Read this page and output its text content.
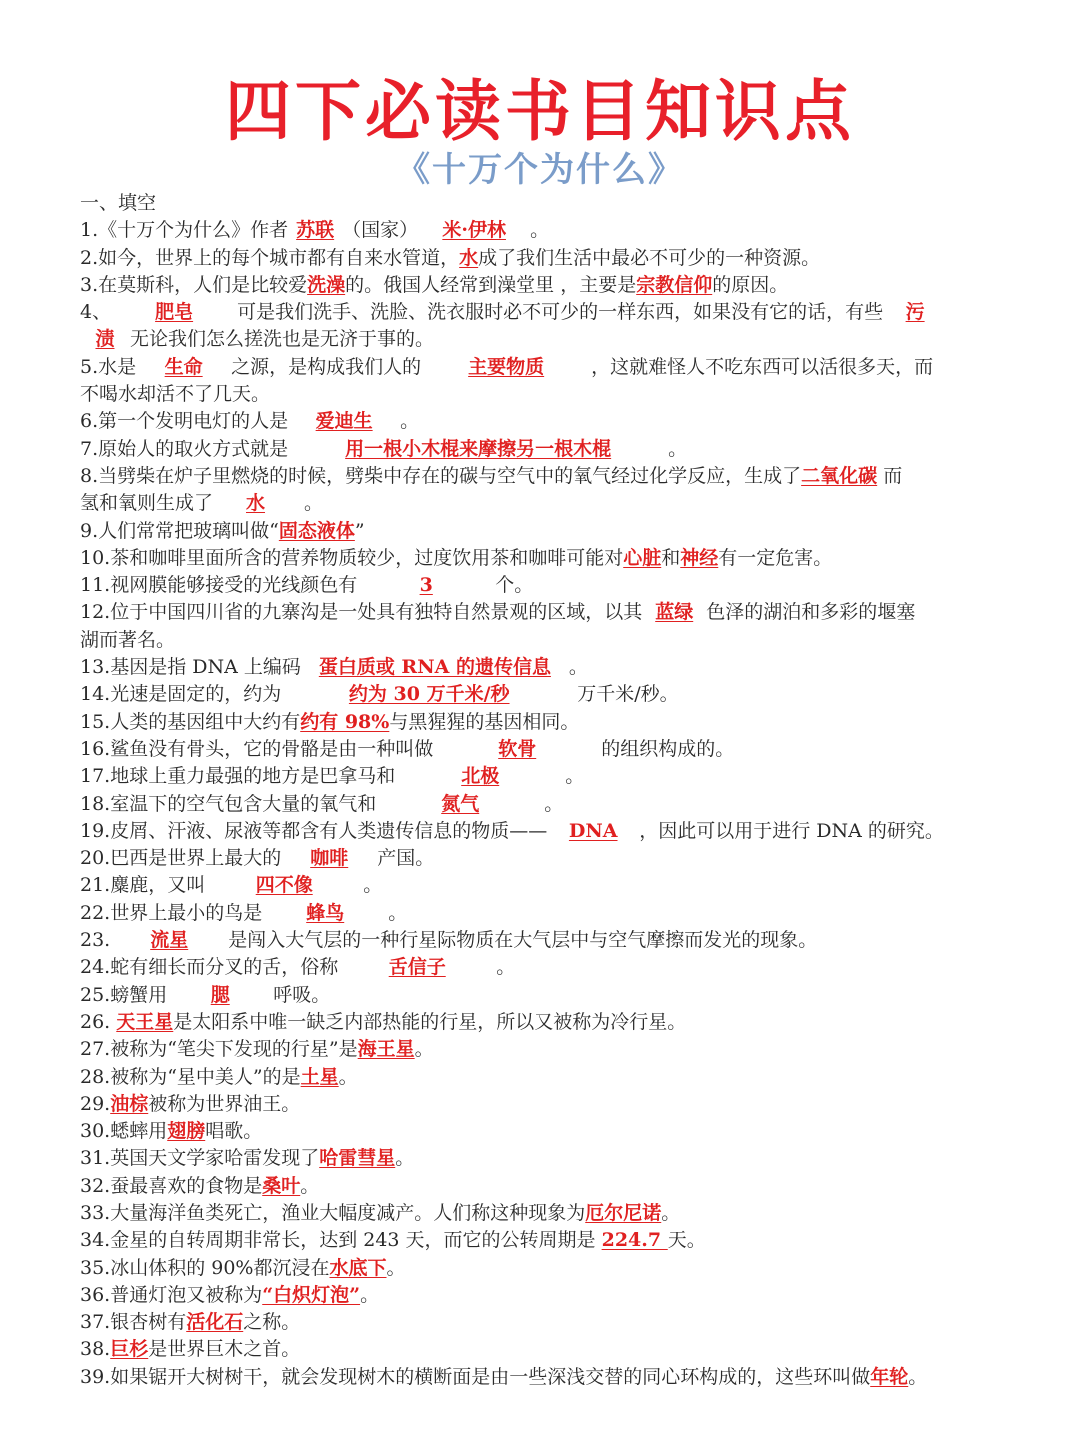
四下必读书目知识点
《十万个为什么》
一、填空
1.《十万个为什么》作者 苏联 （国家） 米·伊林 。
2.如今，世界上的每个城市都有自来水管道，水成了我们生活中最必不可少的一种资源。
3.在莫斯科，人们是比较爱洗澡的。俄国人经常到澡堂里 ，主要是宗教信仰的原因。
4、 肥皂 可是我们洗手、洗脸、洗衣服时必不可少的一样东西，如果没有它的话，有些 污
渍 无论我们怎么搓洗也是无济于事的。
5.水是 生命 之源，是构成我们人的 主要物质 ，这就难怪人不吃东西可以活很多天，而
不喝水却活不了几天。
6.第一个发明电灯的人是 爱迪生 。
7.原始人的取火方式就是	用一根小木棍来摩擦另一根木棍	。
8.当劈柴在炉子里燃烧的时候，劈柴中存在的碳与空气中的氧气经过化学反应，生成了二氧化碳 而
氢和氧则生成了 水 。
9.人们常常把玻璃叫做“固态液体”
10.茶和咖啡里面所含的营养物质较少，过度饮用茶和咖啡可能对心脏和神经有一定危害。
11.视网膜能够接受的光线颜色有	3	个。
12.位于中国四川省的九寨沟是一处具有独特自然景观的区域，以其 蓝绿 色泽的湖泊和多彩的堰塞
湖而著名。
13.基因是指 DNA 上编码 蛋白质或 RNA 的遗传信息 。
14.光速是固定的，约为	约为 30 万千米/秒	万千米/秒。
15.人类的基因组中大约有约有 98%与黑猩猩的基因相同。
16.鲨鱼没有骨头，它的骨骼是由一种叫做	软骨	的组织构成的。
17.地球上重力最强的地方是巴拿马和	北极	。
18.室温下的空气包含大量的氧气和	氮气	。
19.皮屑、汗液、尿液等都含有人类遗传信息的物质—— DNA ，因此可以用于进行 DNA 的研究。
20.巴西是世界上最大的 咖啡 产国。
21.麋鹿，又叫	四不像	。
22.世界上最小的鸟是 蜂鸟 。
23. 流星 是闯入大气层的一种行星际物质在大气层中与空气摩擦而发光的现象。
24.蛇有细长而分叉的舌，俗称	舌信子	。
25.螃蟹用 腮 呼吸。
26. 天王星是太阳系中唯一缺乏内部热能的行星，所以又被称为冷行星。
27.被称为“笔尖下发现的行星”是海王星。
28.被称为“星中美人”的是土星。
29.油棕被称为世界油王。
30.蟋蟀用翅膀唱歌。
31.英国天文学家哈雷发现了哈雷彗星。
32.蚕最喜欢的食物是桑叶。
33.大量海洋鱼类死亡，渔业大幅度减产。人们称这种现象为厄尔尼诺。
34.金星的自转周期非常长，达到 243 天，而它的公转周期是 224.7 天。
35.冰山体积的 90%都沉浸在水底下。
36.普通灯泡又被称为“白炽灯泡”。
37.银杏树有活化石之称。
38.巨杉是世界巨木之首。
39.如果锯开大树树干，就会发现树木的横断面是由一些深浅交替的同心环构成的，这些环叫做年轮。
